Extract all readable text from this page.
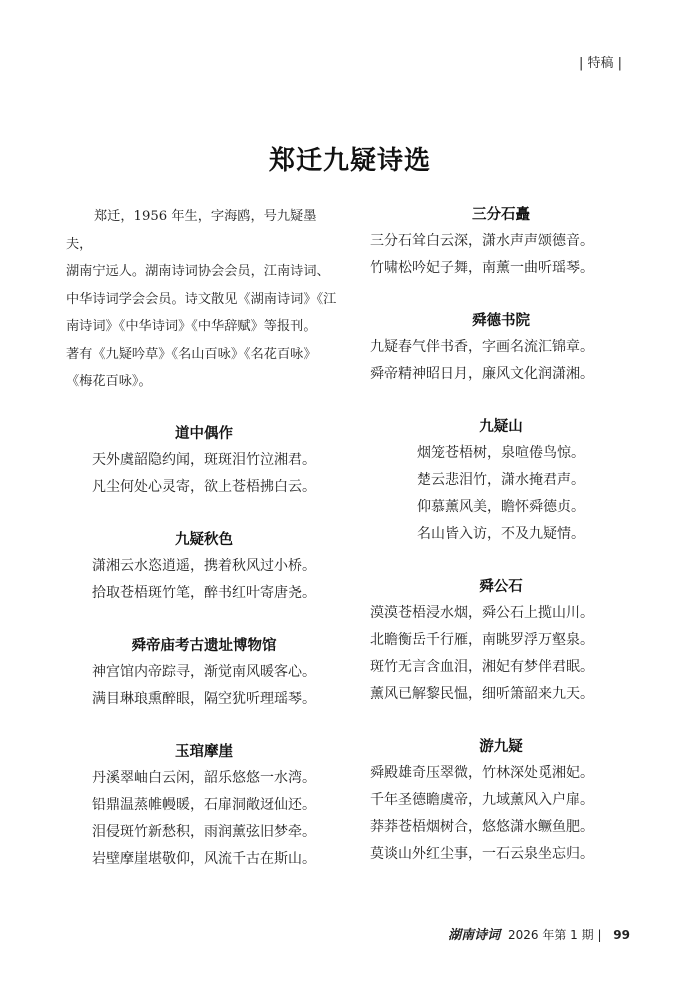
| 特稿 |
郑迁九疑诗选

郑迁，1956 年生，字海鸥，号九疑墨夫，

湖南宁远人。湖南诗词协会会员，江南诗词、

中华诗词学会会员。诗文散见《湖南诗词》《江

南诗词》《中华诗词》《中华辞赋》等报刊。

著有《九疑吟草》《名山百咏》《名花百咏》

《梅花百咏》。

道中偶作
天外虞韶隐约闻，斑斑泪竹泣湘君。
凡尘何处心灵寄，欲上苍梧拂白云。
九疑秋色
潇湘云水恣逍遥，携着秋风过小桥。
拾取苍梧斑竹笔，醉书红叶寄唐尧。
舜帝庙考古遗址博物馆
神宫馆内帝踪寻，渐觉南风暖客心。
满目琳琅熏醉眼，隔空犹听理瑶琴。
玉琯摩崖
丹溪翠岫白云闲，韶乐悠悠一水湾。
铅鼎温蒸帷幔暖，石扉洞敞迓仙还。
泪侵斑竹新愁积，雨润薰弦旧梦牵。
岩壁摩崖堪敬仰，风流千古在斯山。
三分石矗
三分石耸白云深，潇水声声颂德音。
竹啸松吟妃子舞，南薰一曲听瑶琴。
舜德书院
九疑春气伴书香，字画名流汇锦章。
舜帝精神昭日月，廉风文化润潇湘。
九疑山
烟笼苍梧树，泉喧倦鸟惊。
楚云悲泪竹，潇水掩君声。
仰慕薰风美，瞻怀舜德贞。
名山皆入访，不及九疑情。
舜公石
漠漠苍梧浸水烟，舜公石上揽山川。
北瞻衡岳千行雁，南眺罗浮万壑泉。
斑竹无言含血泪，湘妃有梦伴君眠。
薰风已解黎民愠，细听箫韶来九天。
游九疑
舜殿雄奇压翠微，竹林深处觅湘妃。
千年圣德瞻虞帝，九域薰风入户扉。
莽莽苍梧烟树合，悠悠潇水鳜鱼肥。
莫谈山外红尘事，一石云泉坐忘归。
湖南诗词 2026 年第 1 期 | 99
